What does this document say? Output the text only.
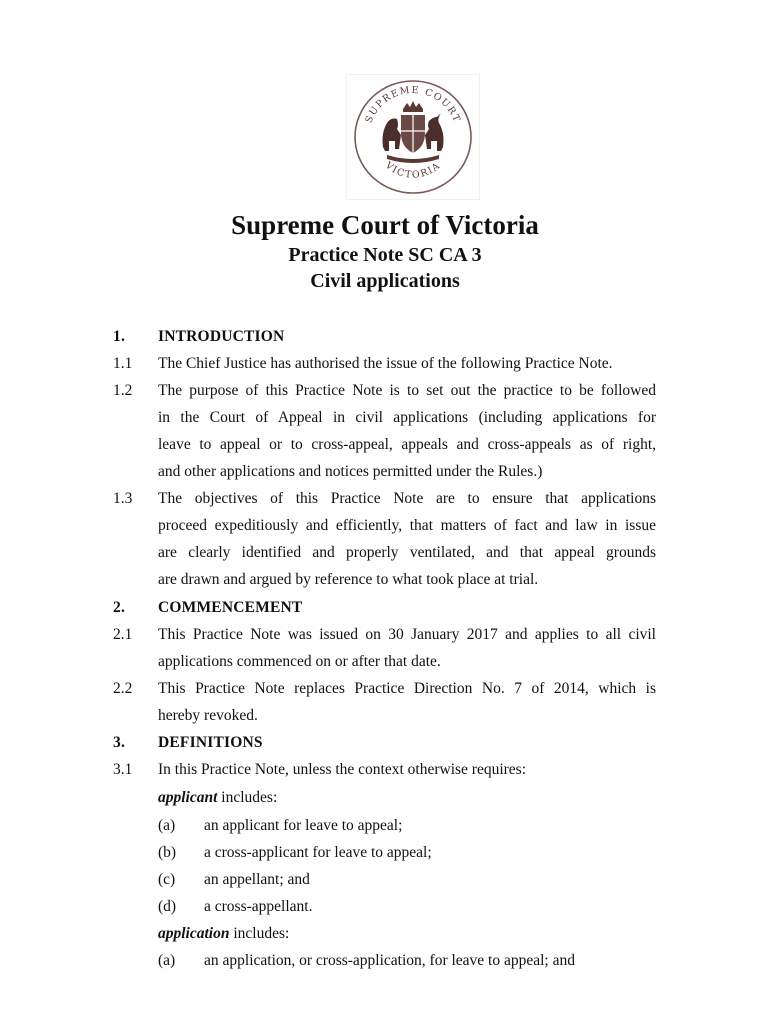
SUPREME COURT
VICTORIA
Supreme Court of Victoria
Practice Note SC CA 3
Civil applications
1. INTRODUCTION
1.1 The Chief Justice has authorised the issue of the following Practice Note.
1.2 The purpose of this Practice Note is to set out the practice to be followed
in the Court of Appeal in civil applications (including applications for
leave to appeal or to cross-appeal, appeals and cross-appeals as of right,
and other applications and notices permitted under the Rules.)
1.3 The objectives of this Practice Note are to ensure that applications
proceed expeditiously and efficiently, that matters of fact and law in issue
are clearly identified and properly ventilated, and that appeal grounds
are drawn and argued by reference to what took place at trial.
2. COMMENCEMENT
2.1 This Practice Note was issued on 30 January 2017 and applies to all civil
applications commenced on or after that date.
2.2 This Practice Note replaces Practice Direction No. 7 of 2014, which is
hereby revoked.
3. DEFINITIONS
3.1 In this Practice Note, unless the context otherwise requires:
applicant includes:
(a) an applicant for leave to appeal;
(b) a cross-applicant for leave to appeal;
(c) an appellant; and
(d) a cross-appellant.
application includes:
(a) an application, or cross-application, for leave to appeal; and
